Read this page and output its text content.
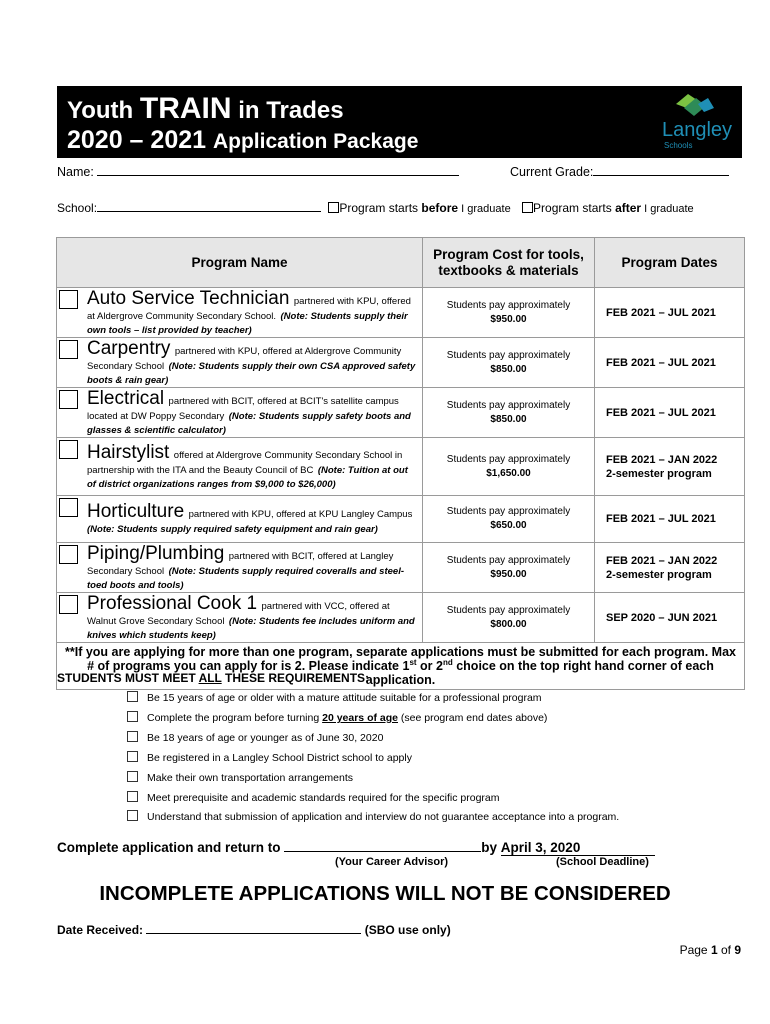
Youth TRAIN in Trades
2020 – 2021 Application Package	Langley
Schools
Name:	Current Grade:
School:	Program starts before I graduate Program starts after I graduate
Program Name	Program Cost for tools, textbooks & materials	Program Dates

Auto Service Technician partnered with KPU, offered at Aldergrove Community Secondary School. (Note: Students supply their own tools – list provided by teacher)	Students pay approximately
$950.00	FEB 2021 – JUL 2021

Carpentry partnered with KPU, offered at Aldergrove Community Secondary School (Note: Students supply their own CSA approved safety boots & rain gear)	Students pay approximately
$850.00	FEB 2021 – JUL 2021

Electrical partnered with BCIT, offered at BCIT's satellite campus located at DW Poppy Secondary (Note: Students supply safety boots and glasses & scientific calculator)	Students pay approximately
$850.00	FEB 2021 – JUL 2021

Hairstylist offered at Aldergrove Community Secondary School in partnership with the ITA and the Beauty Council of BC (Note: Tuition at out of district organizations ranges from $9,000 to $26,000)	Students pay approximately
$1,650.00	FEB 2021 – JAN 2022
2-semester program

Horticulture partnered with KPU, offered at KPU Langley Campus (Note: Students supply required safety equipment and rain gear)	Students pay approximately
$650.00	FEB 2021 – JUL 2021

Piping/Plumbing partnered with BCIT, offered at Langley Secondary School (Note: Students supply required coveralls and steel-toed boots and tools)	Students pay approximately
$950.00	FEB 2021 – JAN 2022
2-semester program

Professional Cook 1 partnered with VCC, offered at Walnut Grove Secondary School (Note: Students fee includes uniform and knives which students keep)	Students pay approximately
$800.00	SEP 2020 – JUN 2021

**If you are applying for more than one program, separate applications must be submitted for each program. Max # of programs you can apply for is 2. Please indicate 1st or 2nd choice on the top right hand corner of each application.		
STUDENTS MUST MEET ALL THESE REQUIREMENTS:
Be 15 years of age or older with a mature attitude suitable for a professional program
Complete the program before turning 20 years of age (see program end dates above)
Be 18 years of age or younger as of June 30, 2020
Be registered in a Langley School District school to apply
Make their own transportation arrangements
Meet prerequisite and academic standards required for the specific program
Understand that submission of application and interview do not guarantee acceptance into a program.
Complete application and return to	by April 3, 2020
(Your Career Advisor)	(School Deadline)
INCOMPLETE APPLICATIONS WILL NOT BE CONSIDERED
Date Received:	(SBO use only)
Page 1 of 9
